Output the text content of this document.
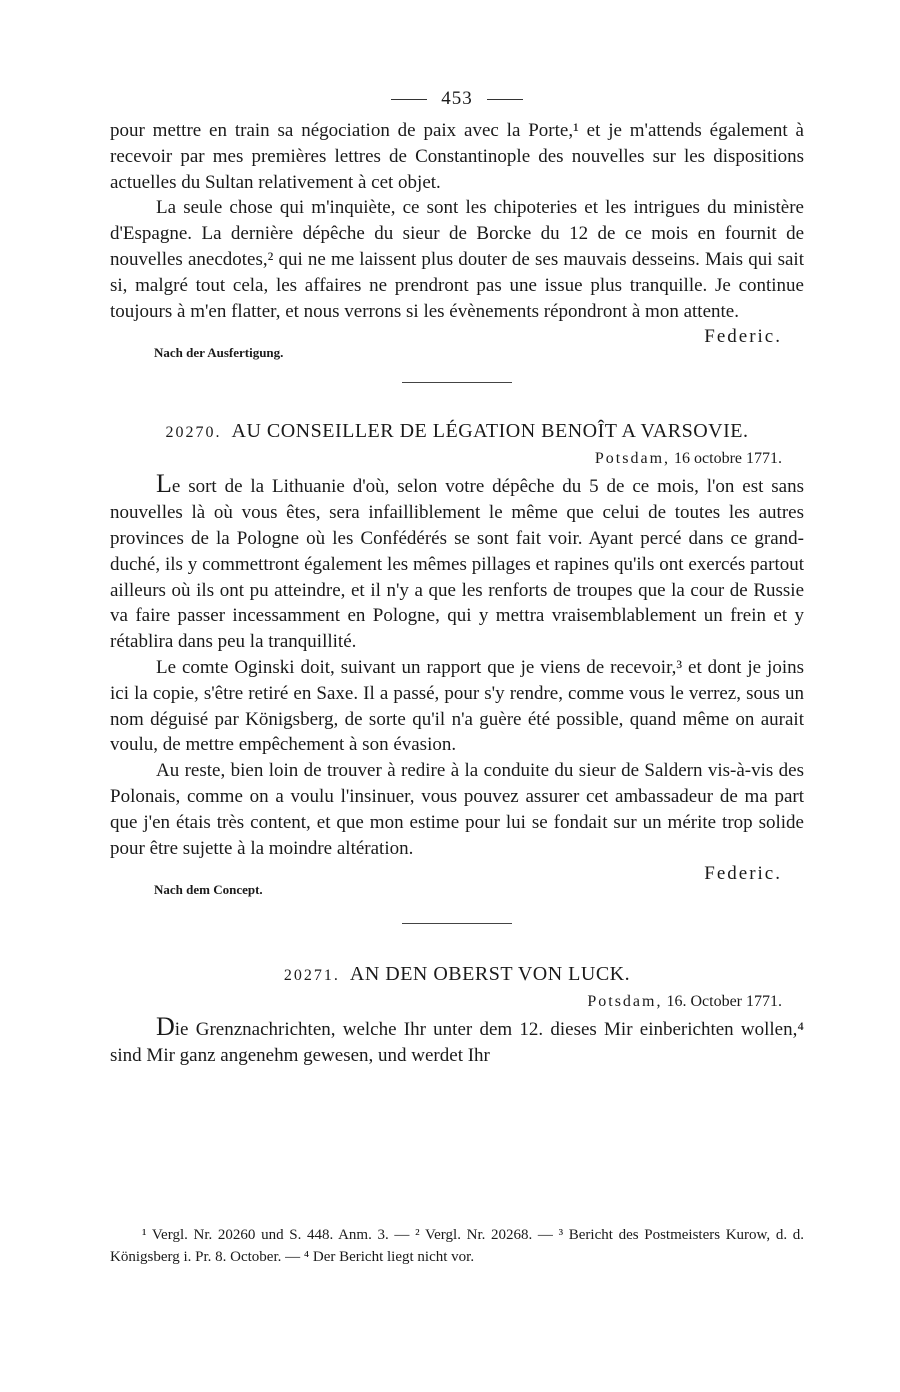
453

pour mettre en train sa négociation de paix avec la Porte,¹ et je m'attends également à recevoir par mes premières lettres de Constantinople des nouvelles sur les dispositions actuelles du Sultan relativement à cet objet.

La seule chose qui m'inquiète, ce sont les chipoteries et les intrigues du ministère d'Espagne. La dernière dépêche du sieur de Borcke du 12 de ce mois en fournit de nouvelles anecdotes,² qui ne me laissent plus douter de ses mauvais desseins. Mais qui sait si, malgré tout cela, les affaires ne prendront pas une issue plus tranquille. Je continue toujours à m'en flatter, et nous verrons si les évènements répondront à mon attente.

Federic.
Nach der Ausfertigung.
20270. AU CONSEILLER DE LÉGATION BENOÎT A VARSOVIE.
Potsdam, 16 octobre 1771.

Le sort de la Lithuanie d'où, selon votre dépêche du 5 de ce mois, l'on est sans nouvelles là où vous êtes, sera infailliblement le même que celui de toutes les autres provinces de la Pologne où les Confédérés se sont fait voir. Ayant percé dans ce grand-duché, ils y commettront également les mêmes pillages et rapines qu'ils ont exercés partout ailleurs où ils ont pu atteindre, et il n'y a que les renforts de troupes que la cour de Russie va faire passer incessamment en Pologne, qui y mettra vraisemblablement un frein et y rétablira dans peu la tranquillité.

Le comte Oginski doit, suivant un rapport que je viens de recevoir,³ et dont je joins ici la copie, s'être retiré en Saxe. Il a passé, pour s'y rendre, comme vous le verrez, sous un nom déguisé par Königsberg, de sorte qu'il n'a guère été possible, quand même on aurait voulu, de mettre empêchement à son évasion.

Au reste, bien loin de trouver à redire à la conduite du sieur de Saldern vis-à-vis des Polonais, comme on a voulu l'insinuer, vous pouvez assurer cet ambassadeur de ma part que j'en étais très content, et que mon estime pour lui se fondait sur un mérite trop solide pour être sujette à la moindre altération.

Federic.
Nach dem Concept.
20271. AN DEN OBERST VON LUCK.
Potsdam, 16. October 1771.

Die Grenznachrichten, welche Ihr unter dem 12. dieses Mir einberichten wollen,⁴ sind Mir ganz angenehm gewesen, und werdet Ihr

¹ Vergl. Nr. 20260 und S. 448. Anm. 3. — ² Vergl. Nr. 20268. — ³ Bericht des Postmeisters Kurow, d. d. Königsberg i. Pr. 8. October. — ⁴ Der Bericht liegt nicht vor.
